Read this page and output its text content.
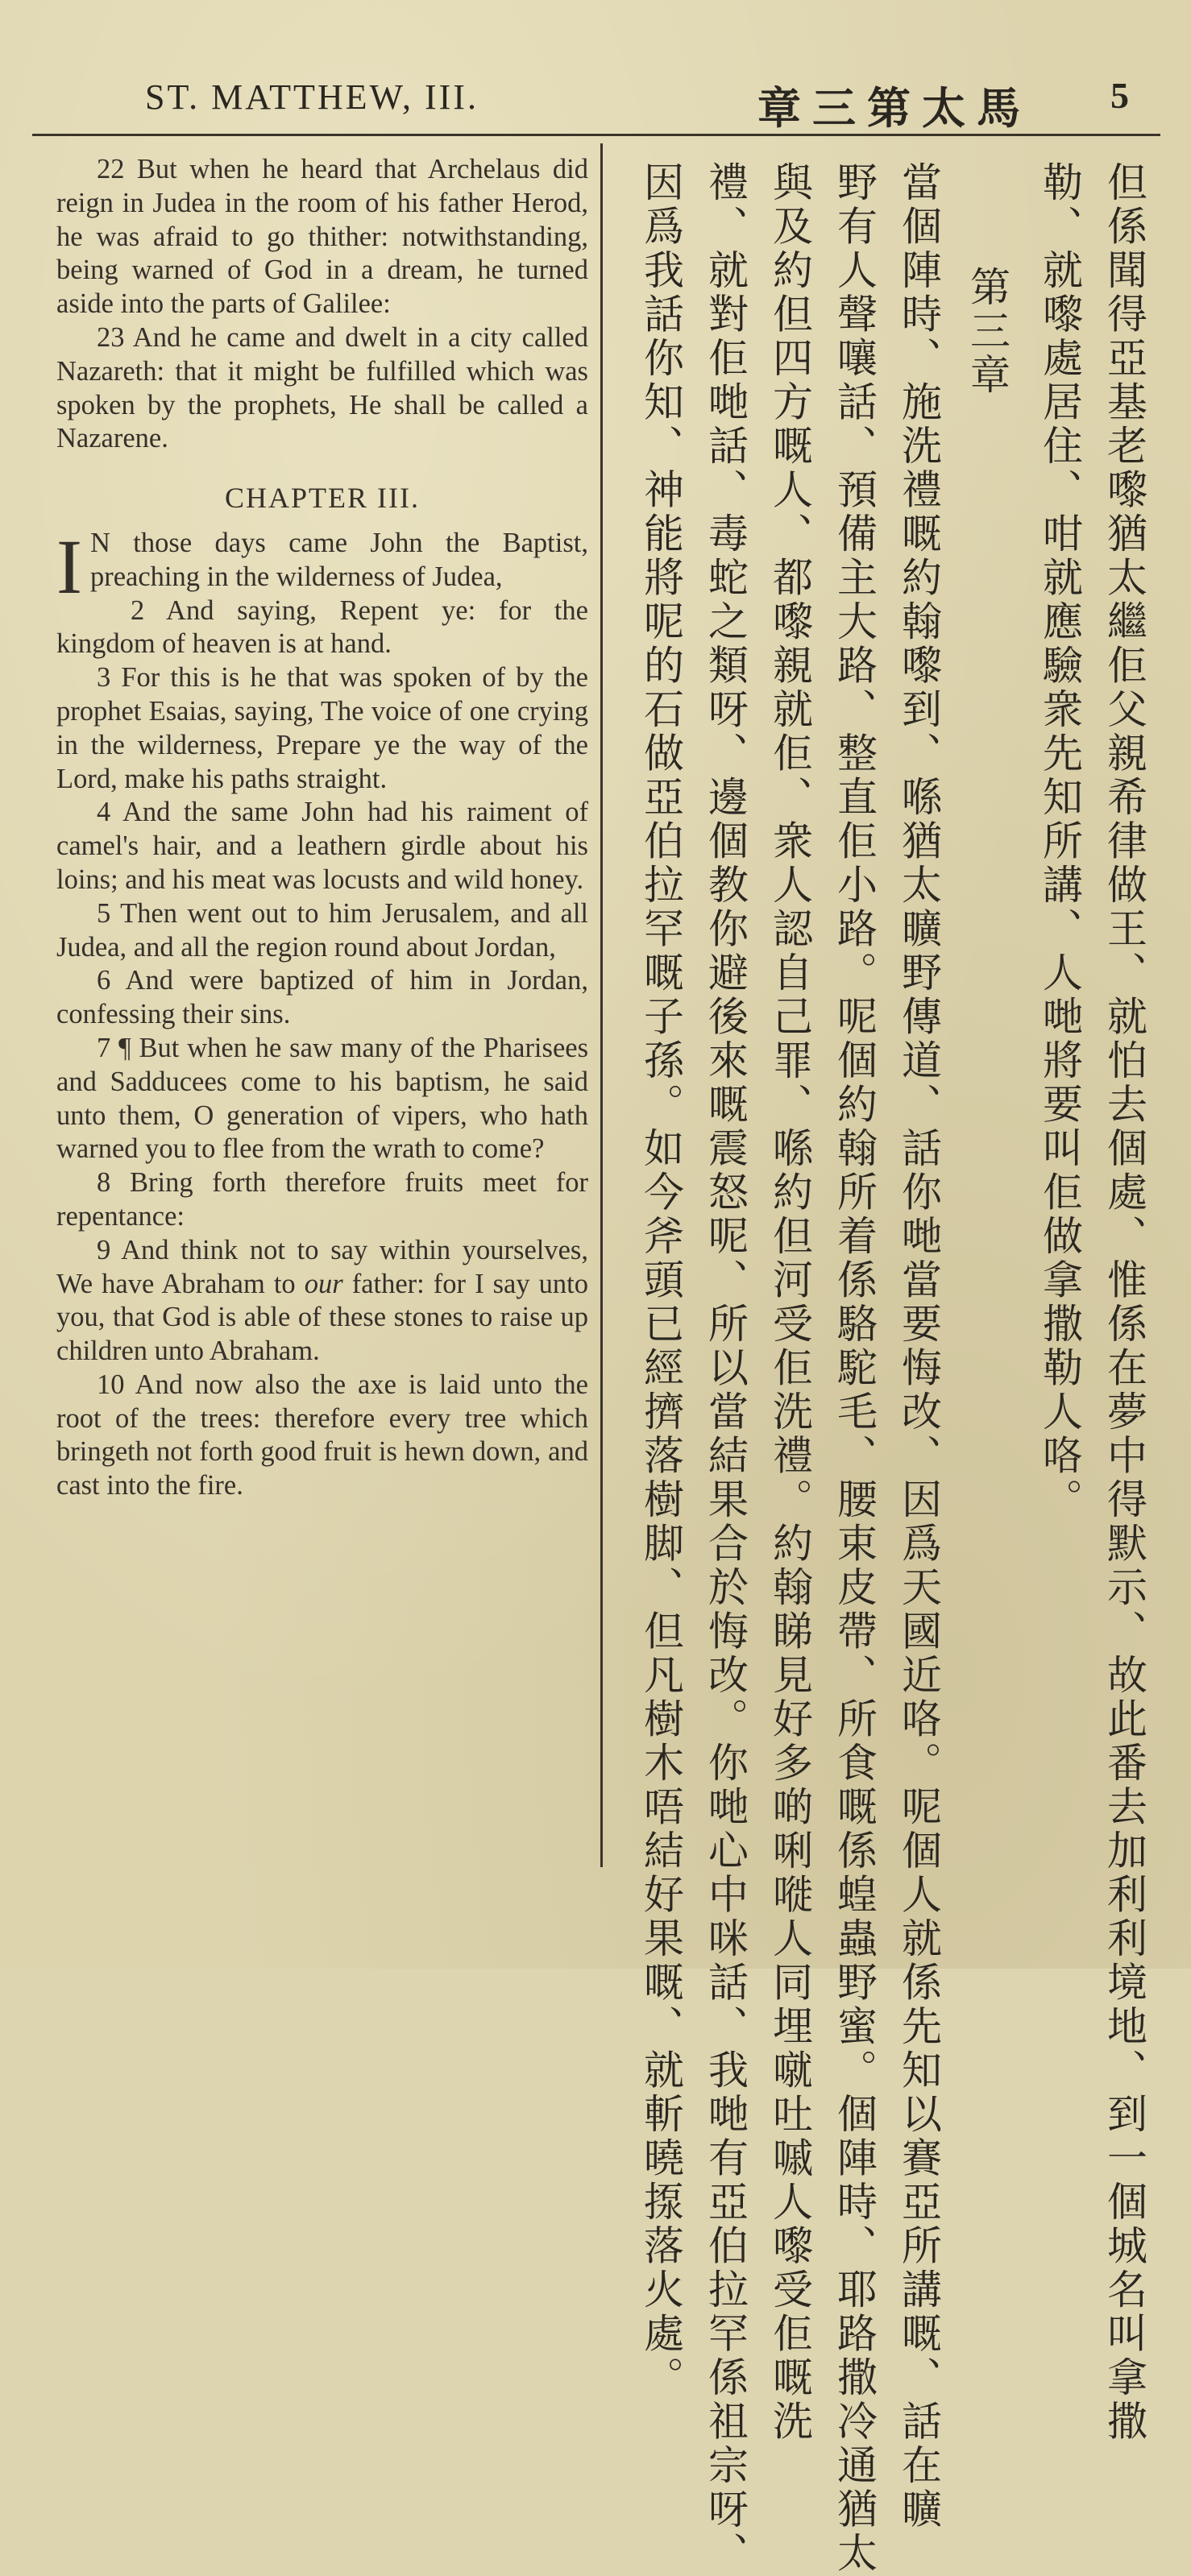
ST. MATTHEW, III.	章三第太馬 5

22 But when he heard that Archelaus did reign in Judea in the room of his father Herod, he was afraid to go thither: notwithstanding, being warned of God in a dream, he turned aside into the parts of Galilee:

23 And he came and dwelt in a city called Nazareth: that it might be fulfilled which was spoken by the prophets, He shall be called a Nazarene.

CHAPTER III.

I N those days came John the Baptist, preaching in the wilderness of Judea,

2 And saying, Repent ye: for the kingdom of heaven is at hand.

3 For this is he that was spoken of by the prophet Esaias, saying, The voice of one crying in the wilderness, Prepare ye the way of the Lord, make his paths straight.

4 And the same John had his raiment of camel's hair, and a leathern girdle about his loins; and his meat was locusts and wild honey.

5 Then went out to him Jerusalem, and all Judea, and all the region round about Jordan,

6 And were baptized of him in Jordan, confessing their sins.

7 ¶ But when he saw many of the Pharisees and Sadducees come to his baptism, he said unto them, O generation of vipers, who hath warned you to flee from the wrath to come?

8 Bring forth therefore fruits meet for repentance:

9 And think not to say within yourselves, We have Abraham to our father: for I say unto you, that God is able of these stones to raise up children unto Abraham.

10 And now also the axe is laid unto the root of the trees: therefore every tree which bringeth not forth good fruit is hewn down, and cast into the fire.	但係聞得亞基老嚟猶太繼佢父親希律做王、就怕去個處、惟係在夢中得默示、故此番去加利利境地、到一個城名叫拿撒
勒、就嚟處居住、咁就應驗衆先知所講、人哋將要叫佢做拿撒勒人咯。
第三章
當個陣時、施洗禮嘅約翰嚟到、喺猶太曠野傳道、話你哋當要悔改、因爲天國近咯。呢個人就係先知以賽亞所講嘅、話在曠
野有人聲嚷話、預備主大路、整直佢小路。呢個約翰所着係駱駝毛、腰束皮帶、所食嘅係蝗蟲野蜜。個陣時、耶路撒冷通猶太
與及約但四方嘅人、都嚟親就佢、衆人認自己罪、喺約但河受佢洗禮。約翰睇見好多啲唎嘥人同埋噈吐嘁人嚟受佢嘅洗
禮、就對佢哋話、毒蛇之類呀、邊個教你避後來嘅震怒呢、所以當結果合於悔改。你哋心中咪話、我哋有亞伯拉罕係祖宗呀、
因爲我話你知、神能將呢的石做亞伯拉罕嘅子孫。如今斧頭已經擠落樹脚、但凡樹木唔結好果嘅、就斬曉揼落火處。
